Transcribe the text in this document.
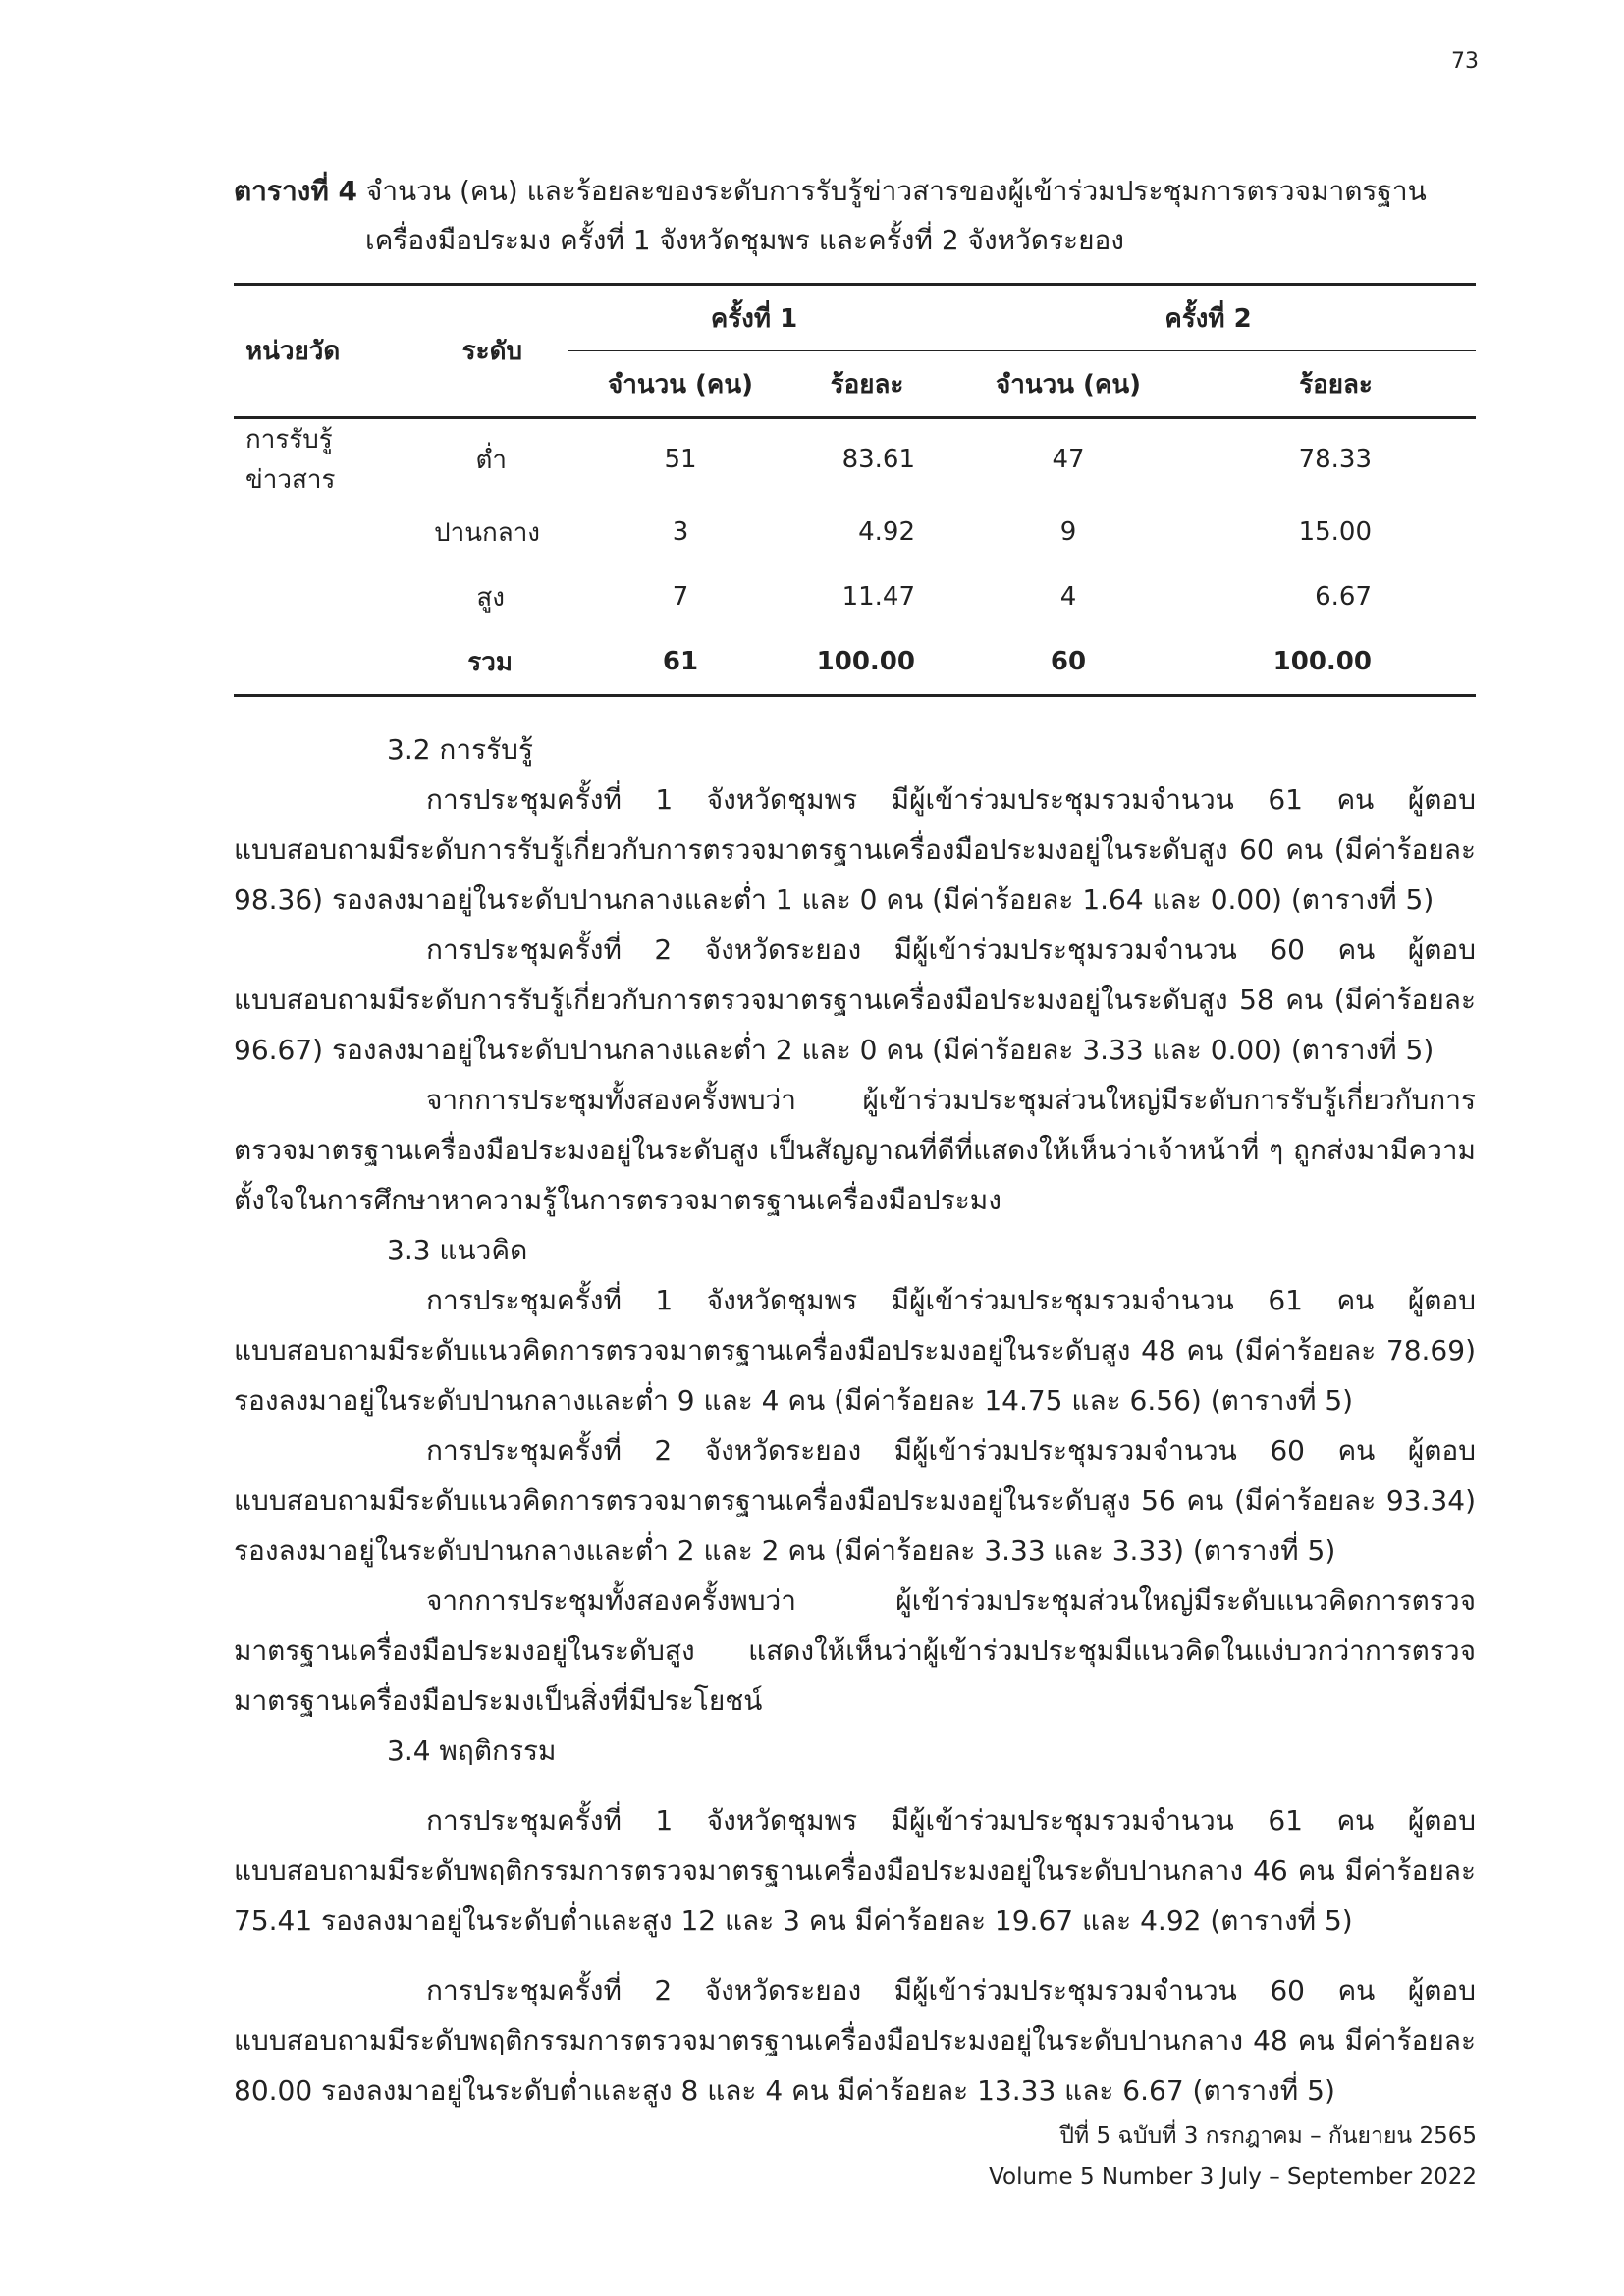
73
ตารางที่ 4 จำนวน (คน) และร้อยละของระดับการรับรู้ข่าวสารของผู้เข้าร่วมประชุมการตรวจมาตรฐาน
เครื่องมือประมง ครั้งที่ 1 จังหวัดชุมพร และครั้งที่ 2 จังหวัดระยอง
หน่วยวัด	ระดับ	ครั้งที่ 1		ครั้งที่ 2	
		จำนวน (คน)	ร้อยละ	จำนวน (คน)	ร้อยละ
การรับรู้ข่าวสาร	ต่ำ	51	83.61	47	78.33
	ปานกลาง	3	4.92	9	15.00
	สูง	7	11.47	4	6.67
	รวม	61	100.00	60	100.00

3.2 การรับรู้

การประชุมครั้งที่ 1 จังหวัดชุมพร มีผู้เข้าร่วมประชุมรวมจำนวน 61 คน ผู้ตอบแบบสอบถามมีระดับการรับรู้เกี่ยวกับการตรวจมาตรฐานเครื่องมือประมงอยู่ในระดับสูง 60 คน (มีค่าร้อยละ 98.36) รองลงมาอยู่ในระดับปานกลางและต่ำ 1 และ 0 คน (มีค่าร้อยละ 1.64 และ 0.00) (ตารางที่ 5)

การประชุมครั้งที่ 2 จังหวัดระยอง มีผู้เข้าร่วมประชุมรวมจำนวน 60 คน ผู้ตอบแบบสอบถามมีระดับการรับรู้เกี่ยวกับการตรวจมาตรฐานเครื่องมือประมงอยู่ในระดับสูง 58 คน (มีค่าร้อยละ 96.67) รองลงมาอยู่ในระดับปานกลางและต่ำ 2 และ 0 คน (มีค่าร้อยละ 3.33 และ 0.00) (ตารางที่ 5)

จากการประชุมทั้งสองครั้งพบว่า ผู้เข้าร่วมประชุมส่วนใหญ่มีระดับการรับรู้เกี่ยวกับการตรวจมาตรฐานเครื่องมือประมงอยู่ในระดับสูง เป็นสัญญาณที่ดีที่แสดงให้เห็นว่าเจ้าหน้าที่ ๆ ถูกส่งมามีความตั้งใจในการศึกษาหาความรู้ในการตรวจมาตรฐานเครื่องมือประมง

3.3 แนวคิด

การประชุมครั้งที่ 1 จังหวัดชุมพร มีผู้เข้าร่วมประชุมรวมจำนวน 61 คน ผู้ตอบแบบสอบถามมีระดับแนวคิดการตรวจมาตรฐานเครื่องมือประมงอยู่ในระดับสูง 48 คน (มีค่าร้อยละ 78.69) รองลงมาอยู่ในระดับปานกลางและต่ำ 9 และ 4 คน (มีค่าร้อยละ 14.75 และ 6.56) (ตารางที่ 5)

การประชุมครั้งที่ 2 จังหวัดระยอง มีผู้เข้าร่วมประชุมรวมจำนวน 60 คน ผู้ตอบแบบสอบถามมีระดับแนวคิดการตรวจมาตรฐานเครื่องมือประมงอยู่ในระดับสูง 56 คน (มีค่าร้อยละ 93.34) รองลงมาอยู่ในระดับปานกลางและต่ำ 2 และ 2 คน (มีค่าร้อยละ 3.33 และ 3.33) (ตารางที่ 5)

จากการประชุมทั้งสองครั้งพบว่า ผู้เข้าร่วมประชุมส่วนใหญ่มีระดับแนวคิดการตรวจมาตรฐานเครื่องมือประมงอยู่ในระดับสูง แสดงให้เห็นว่าผู้เข้าร่วมประชุมมีแนวคิดในแง่บวกว่าการตรวจมาตรฐานเครื่องมือประมงเป็นสิ่งที่มีประโยชน์

3.4 พฤติกรรม

การประชุมครั้งที่ 1 จังหวัดชุมพร มีผู้เข้าร่วมประชุมรวมจำนวน 61 คน ผู้ตอบแบบสอบถามมีระดับพฤติกรรมการตรวจมาตรฐานเครื่องมือประมงอยู่ในระดับปานกลาง 46 คน มีค่าร้อยละ 75.41 รองลงมาอยู่ในระดับต่ำและสูง 12 และ 3 คน มีค่าร้อยละ 19.67 และ 4.92 (ตารางที่ 5)

การประชุมครั้งที่ 2 จังหวัดระยอง มีผู้เข้าร่วมประชุมรวมจำนวน 60 คน ผู้ตอบแบบสอบถามมีระดับพฤติกรรมการตรวจมาตรฐานเครื่องมือประมงอยู่ในระดับปานกลาง 48 คน มีค่าร้อยละ 80.00 รองลงมาอยู่ในระดับต่ำและสูง 8 และ 4 คน มีค่าร้อยละ 13.33 และ 6.67 (ตารางที่ 5)

ปีที่ 5 ฉบับที่ 3 กรกฎาคม – กันยายน 2565
Volume 5 Number 3 July – September 2022
